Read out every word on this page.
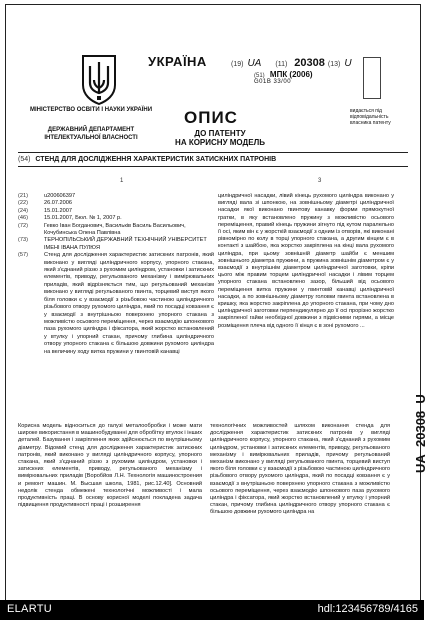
УКРАЇНА
МІНІСТЕРСТВО ОСВІТИ І НАУКИ УКРАЇНИ
ДЕРЖАВНИЙ ДЕПАРТАМЕНТ ІНТЕЛЕКТУАЛЬНОЇ ВЛАСНОСТІ
(19) UA (11) 20308 (13) U
(51) МПК (2006)
G01B 33/00
видається під відповідальність власника патенту
ОПИС
ДО ПАТЕНТУ
НА КОРИСНУ МОДЕЛЬ
(54) СТЕНД ДЛЯ ДОСЛІДЖЕННЯ ХАРАКТЕРИСТИК ЗАТИСКНИХ ПАТРОНІВ
1	3
(21)	u200606397
(22)	26.07.2006
(24)	15.01.2007
(46)	15.01.2007, Бюл. № 1, 2007 р.
(72)	Гевко Іван Богданович, Васильків Василь Васильович, Кочубинська Олена Павлівна
(73)	ТЕРНОПІЛЬСЬКИЙ ДЕРЖАВНИЙ ТЕХНІЧНИЙ УНІВЕРСИТЕТ ІМЕНІ ІВАНА ПУЛЮЯ
(57)	Стенд для дослідження характеристик затискних патронів, який виконано у вигляді циліндричного корпусу, упорного стакана, який з'єднаний різзю з рухомим циліндром, установки і затискних елементів, приводу, регульованого механізму і вимірювальних приладів, який відрізняється тим, що регульований механізм виконано у вигляді регульованого гвинта, торцевий виступ якого біля головки є у взаємодії з різьбовою частиною циліндричного різьбового отвору рухомого циліндра, який по посадці ковзання є у взаємодії з внутрішньою поверхнею упорного стакана з можливістю осьового переміщення, через взаємодію шпонкового паза рухомого циліндра і фіксатора, який жорстко встановлений у втулку і упорний стакан, причому глибина циліндричного отвору упорного стакана є більшою довжини рухомого циліндра на величину ходу витка пружини у гвинтовій канавці
циліндричної насадки, лівий кінець рухомого циліндра виконано у вигляді вала зі шпонкою, на зовнішньому діаметрі циліндричної насадки якої виконано гвинтову канавку форми прямокутної гратки, в яку встановлено пружину з можливістю осьового переміщення, правий кінець пружини зігнуто під кутом паралельно її осі, яким він є у жорсткій взаємодії з одним із отворів, які виконані рівномірно по колу в торці упорного стакана, а другим кінцем є в контакті з шайбою, яка жорстко закріплена на кінці вала рухомого циліндра, при цьому зовнішній діаметр шайби є меншим зовнішнього діаметра пружини, а пружина зовнішнім діаметром є у взаємодії з внутрішнім діаметром циліндричної заготовки, кріпи цього між правим торцем циліндричної насадки і лівим торцем упорного стакана встановлено зазор, більший від осьового переміщення витка пружини у гвинтовій канавці циліндричної насадки, а по зовнішньому діаметру головки гвинта встановлена в кришку, яка жорстко закріплена до упорного стакана, при чому дно циліндричної заготовки перпендикулярно до її осі прорізно жорстко закріпленої гайки необхідної довжини з підвісними гирями, а місце розміщення плеча від одного її кінця є в зоні рухомого ...
UA  20308  U
Корисна модель відноситься до галузі металообробки і може мати широке використання в машинобудуванні для обробітку втулок і інших деталей. Базування і закріплення яких здійснюється по внутрішньому діаметру. Відомий стенд для дослідження характеристик затискних патронів, який виконано у вигляді циліндричного корпусу, упорного стакана, який з'єднаний різзю з рухомим циліндром, установки і затискних елементів, приводу, регульованого механізму і вимірювальних приладів [Воробйов Л.Н. Технологія машиностроения и ремонт машин. М. Высшая школа, 1981, рис.12.40]. Основний недолік стенда обмежені технологічні можливості і мала продуктивність праці. В основу корисної моделі покладена задача підвищення продуктивності праці і розширення
технологічних можливостей шляхом виконання стенда для дослідження характеристик затискних патронів у вигляді циліндричного корпусу, упорного стакана, який з'єднаний з рухомим циліндром, установки і затискних елементів, приводу, регульованого механізму і вимірювальних приладів, причому регульований механізм виконано у вигляді регульованого гвинта, торцевий виступ якого біля головки є у взаємодії з різьбовою частиною циліндричного різьбового отвору рухомого циліндра, який по посадці ковзання є у взаємодії з внутрішньою поверхнею упорного стакана з можливістю осьового переміщення, через взаємодію шпонкового паза рухомого циліндра і фіксатора, який жорстко встановлений у втулку і упорний стакан, причому глибина циліндричного отвору упорного стакана є більшою довжини рухомого циліндра на
ELARTU	hdl:123456789/4165
